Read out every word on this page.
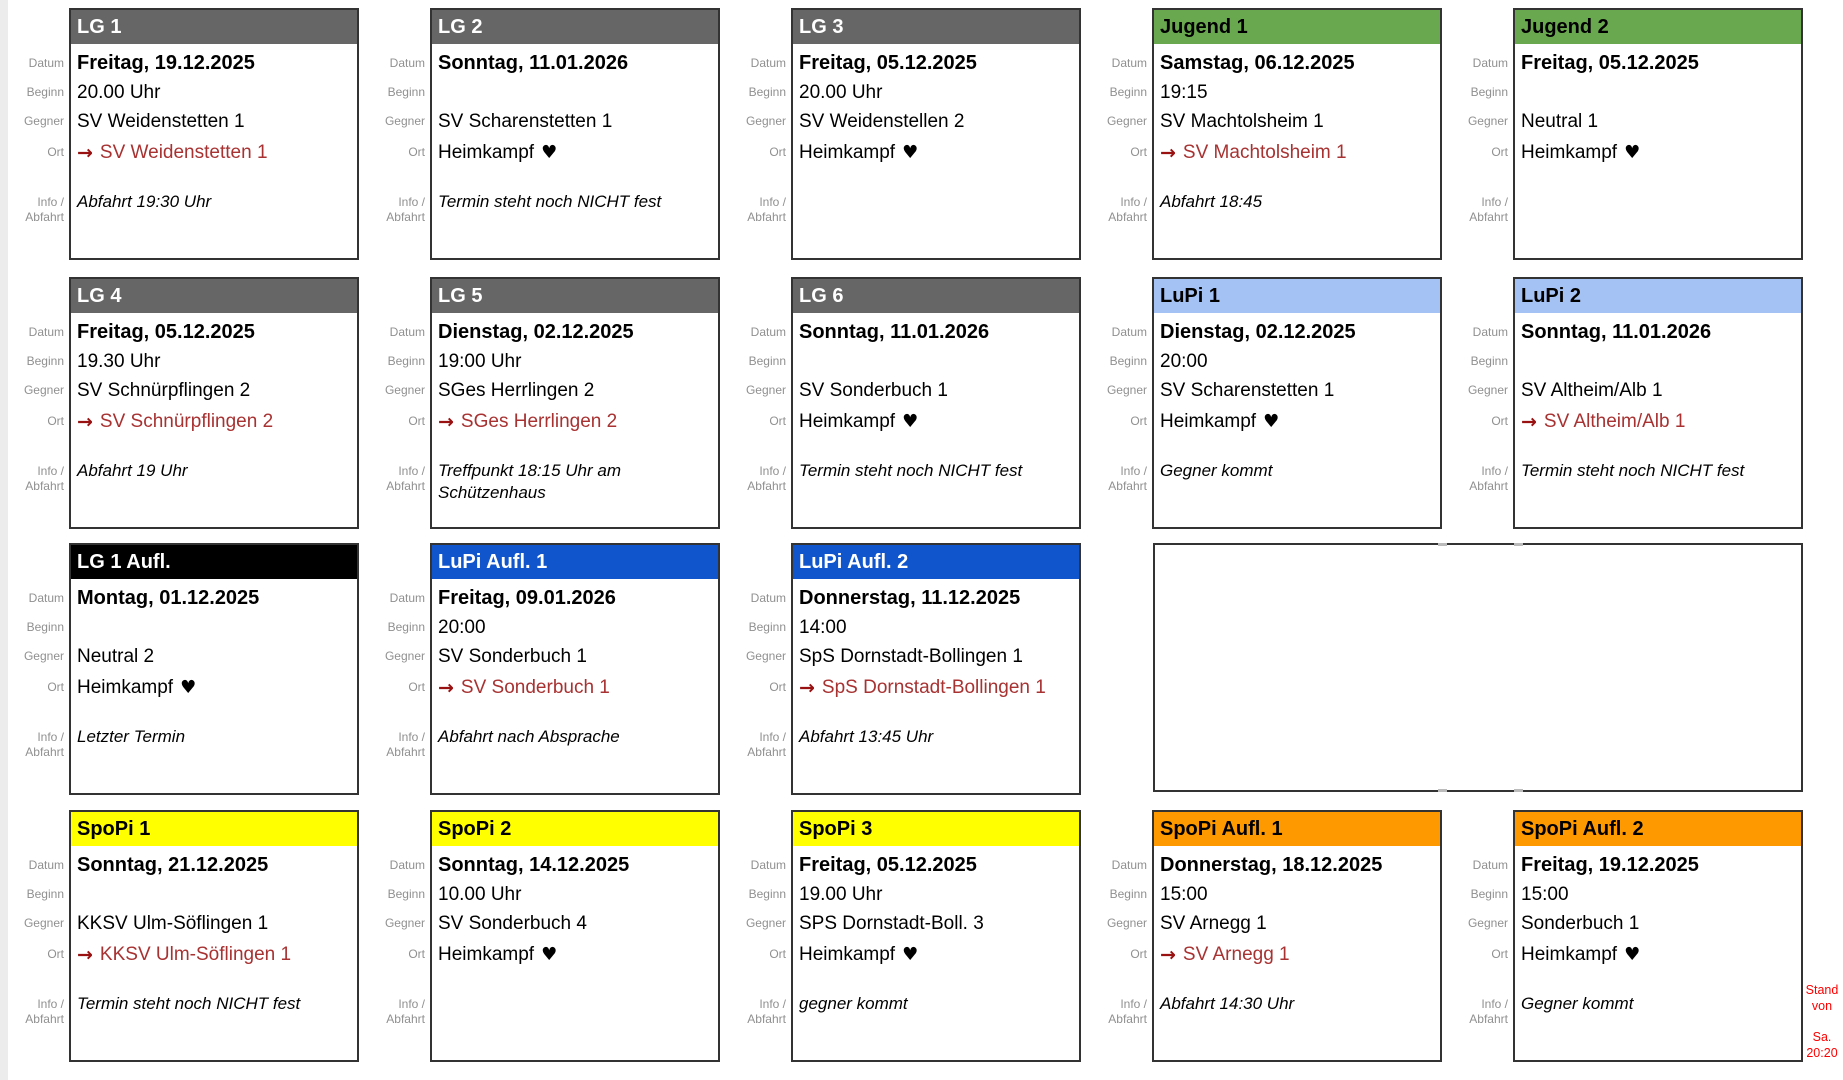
Stand
von
Sa.
20:20
Datum
Beginn
Gegner
Ort
Info /
Abfahrt
LG 1
Freitag, 19.12.2025
20.00 Uhr
SV Weidenstetten 1
→ SV Weidenstetten 1
Abfahrt 19:30 Uhr
Datum
Beginn
Gegner
Ort
Info /
Abfahrt
LG 2
Sonntag, 11.01.2026
SV Scharenstetten 1
Heimkampf ♥
Termin steht noch NICHT fest
Datum
Beginn
Gegner
Ort
Info /
Abfahrt
LG 3
Freitag, 05.12.2025
20.00 Uhr
SV Weidenstellen 2
Heimkampf ♥
Datum
Beginn
Gegner
Ort
Info /
Abfahrt
Jugend 1
Samstag, 06.12.2025
19:15
SV Machtolsheim 1
→ SV Machtolsheim 1
Abfahrt 18:45
Datum
Beginn
Gegner
Ort
Info /
Abfahrt
Jugend 2
Freitag, 05.12.2025
Neutral 1
Heimkampf ♥
Datum
Beginn
Gegner
Ort
Info /
Abfahrt
LG 4
Freitag, 05.12.2025
19.30 Uhr
SV Schnürpflingen 2
→ SV Schnürpflingen 2
Abfahrt 19 Uhr
Datum
Beginn
Gegner
Ort
Info /
Abfahrt
LG 5
Dienstag, 02.12.2025
19:00 Uhr
SGes Herrlingen 2
→ SGes Herrlingen 2
Treffpunkt 18:15 Uhr am Schützenhaus
Datum
Beginn
Gegner
Ort
Info /
Abfahrt
LG 6
Sonntag, 11.01.2026
SV Sonderbuch 1
Heimkampf ♥
Termin steht noch NICHT fest
Datum
Beginn
Gegner
Ort
Info /
Abfahrt
LuPi 1
Dienstag, 02.12.2025
20:00
SV Scharenstetten 1
Heimkampf ♥
Gegner kommt
Datum
Beginn
Gegner
Ort
Info /
Abfahrt
LuPi 2
Sonntag, 11.01.2026
SV Altheim/Alb 1
→ SV Altheim/Alb 1
Termin steht noch NICHT fest
Datum
Beginn
Gegner
Ort
Info /
Abfahrt
LG 1 Aufl.
Montag, 01.12.2025
Neutral 2
Heimkampf ♥
Letzter Termin
Datum
Beginn
Gegner
Ort
Info /
Abfahrt
LuPi Aufl. 1
Freitag, 09.01.2026
20:00
SV Sonderbuch 1
→ SV Sonderbuch 1
Abfahrt nach Absprache
Datum
Beginn
Gegner
Ort
Info /
Abfahrt
LuPi Aufl. 2
Donnerstag, 11.12.2025
14:00
SpS Dornstadt-Bollingen 1
→ SpS Dornstadt-Bollingen 1
Abfahrt 13:45 Uhr
Datum
Beginn
Gegner
Ort
Info /
Abfahrt
SpoPi 1
Sonntag, 21.12.2025
KKSV Ulm-Söflingen 1
→ KKSV Ulm-Söflingen 1
Termin steht noch NICHT fest
Datum
Beginn
Gegner
Ort
Info /
Abfahrt
SpoPi 2
Sonntag, 14.12.2025
10.00 Uhr
SV Sonderbuch 4
Heimkampf ♥
Datum
Beginn
Gegner
Ort
Info /
Abfahrt
SpoPi 3
Freitag, 05.12.2025
19.00 Uhr
SPS Dornstadt-Boll. 3
Heimkampf ♥
gegner kommt
Datum
Beginn
Gegner
Ort
Info /
Abfahrt
SpoPi Aufl. 1
Donnerstag, 18.12.2025
15:00
SV Arnegg 1
→ SV Arnegg 1
Abfahrt 14:30 Uhr
Datum
Beginn
Gegner
Ort
Info /
Abfahrt
SpoPi Aufl. 2
Freitag, 19.12.2025
15:00
Sonderbuch 1
Heimkampf ♥
Gegner kommt
